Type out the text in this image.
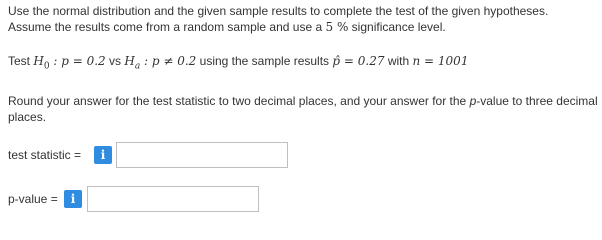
Use the normal distribution and the given sample results to complete the test of the given hypotheses.
Assume the results come from a random sample and use a 5 % significance level.
Test $H_0$ : p = 0.2 vs $H_a$ : p ≠ 0.2 using the sample results p̂ = 0.27 with n = 1001
Round your answer for the test statistic to two decimal places, and your answer for the p-value to three decimal places.
test statistic =	i
p-value =	i
